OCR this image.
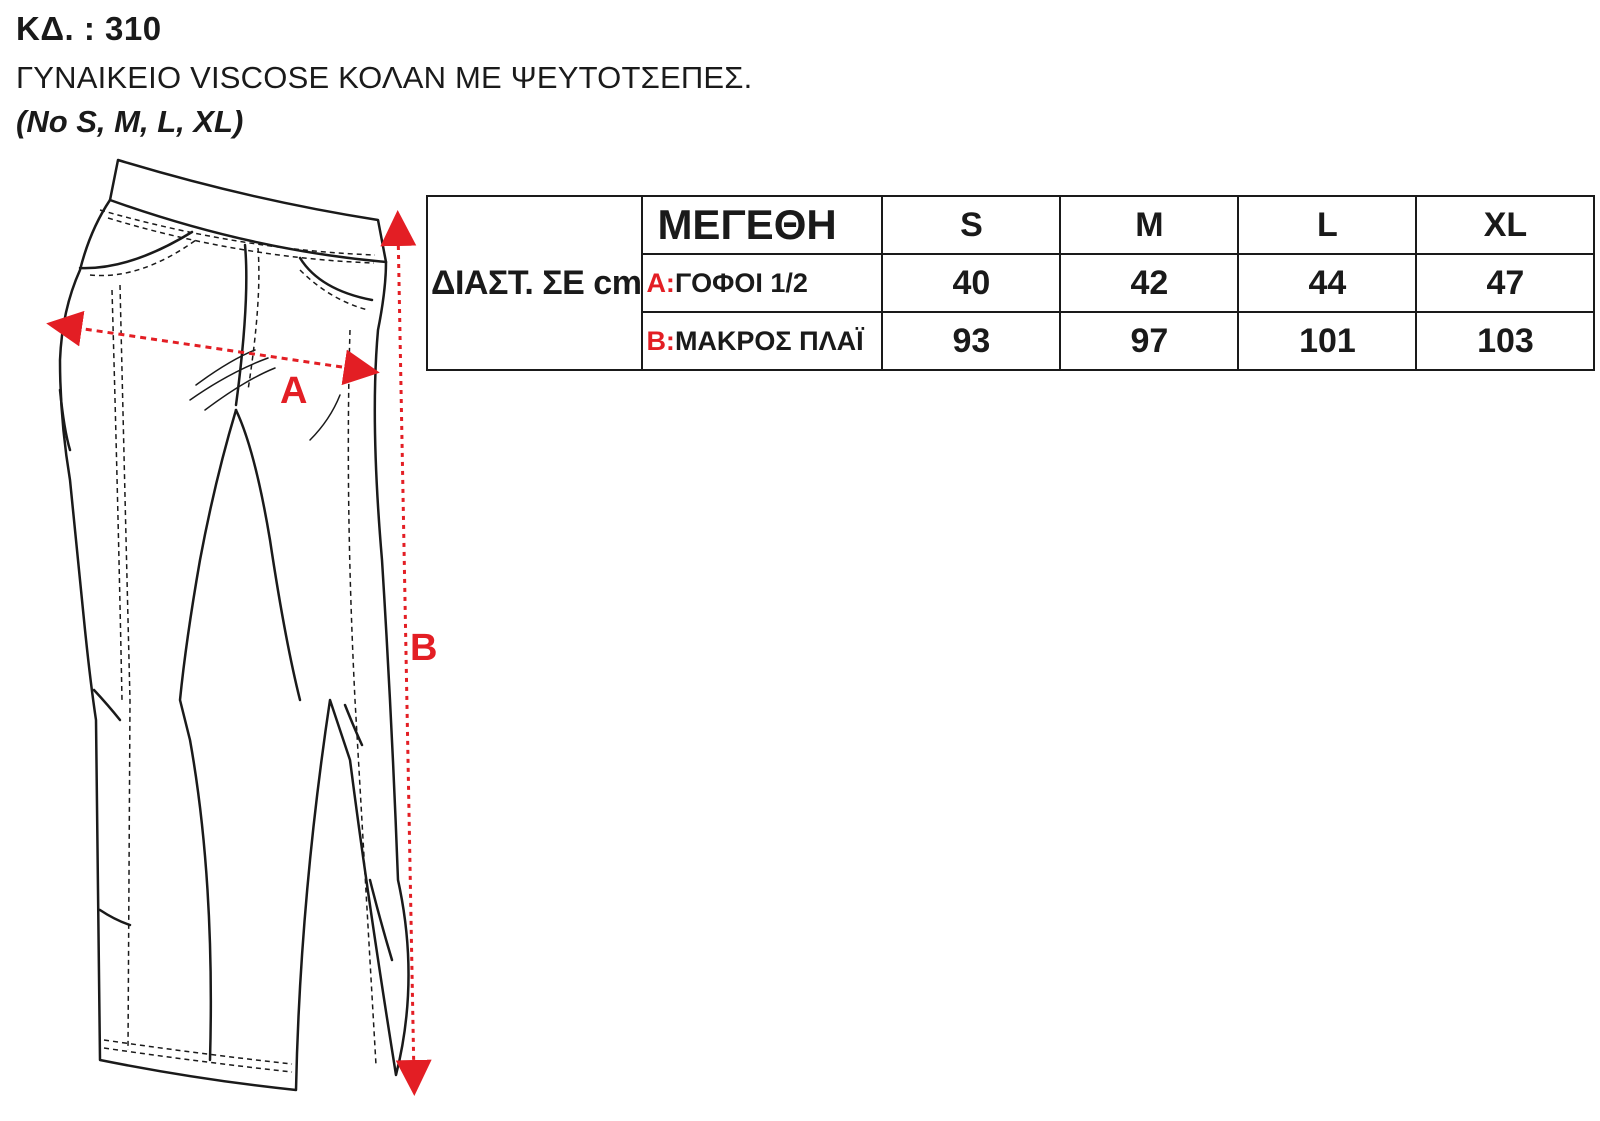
ΚΔ. : 310
ΓΥΝΑΙΚΕΙΟ VISCOSE ΚΟΛΑΝ ΜΕ ΨΕΥΤΟΤΣΕΠΕΣ.
(No S, M, L, XL)
A
B
ΔΙΑΣΤ. ΣΕ cm	ΜΕΓΕΘΗ	S	M	L	XL
	A:ΓΟΦΟΙ 1/2	40	42	44	47
	B:ΜΑΚΡΟΣ ΠΛΑΪ	93	97	101	103
